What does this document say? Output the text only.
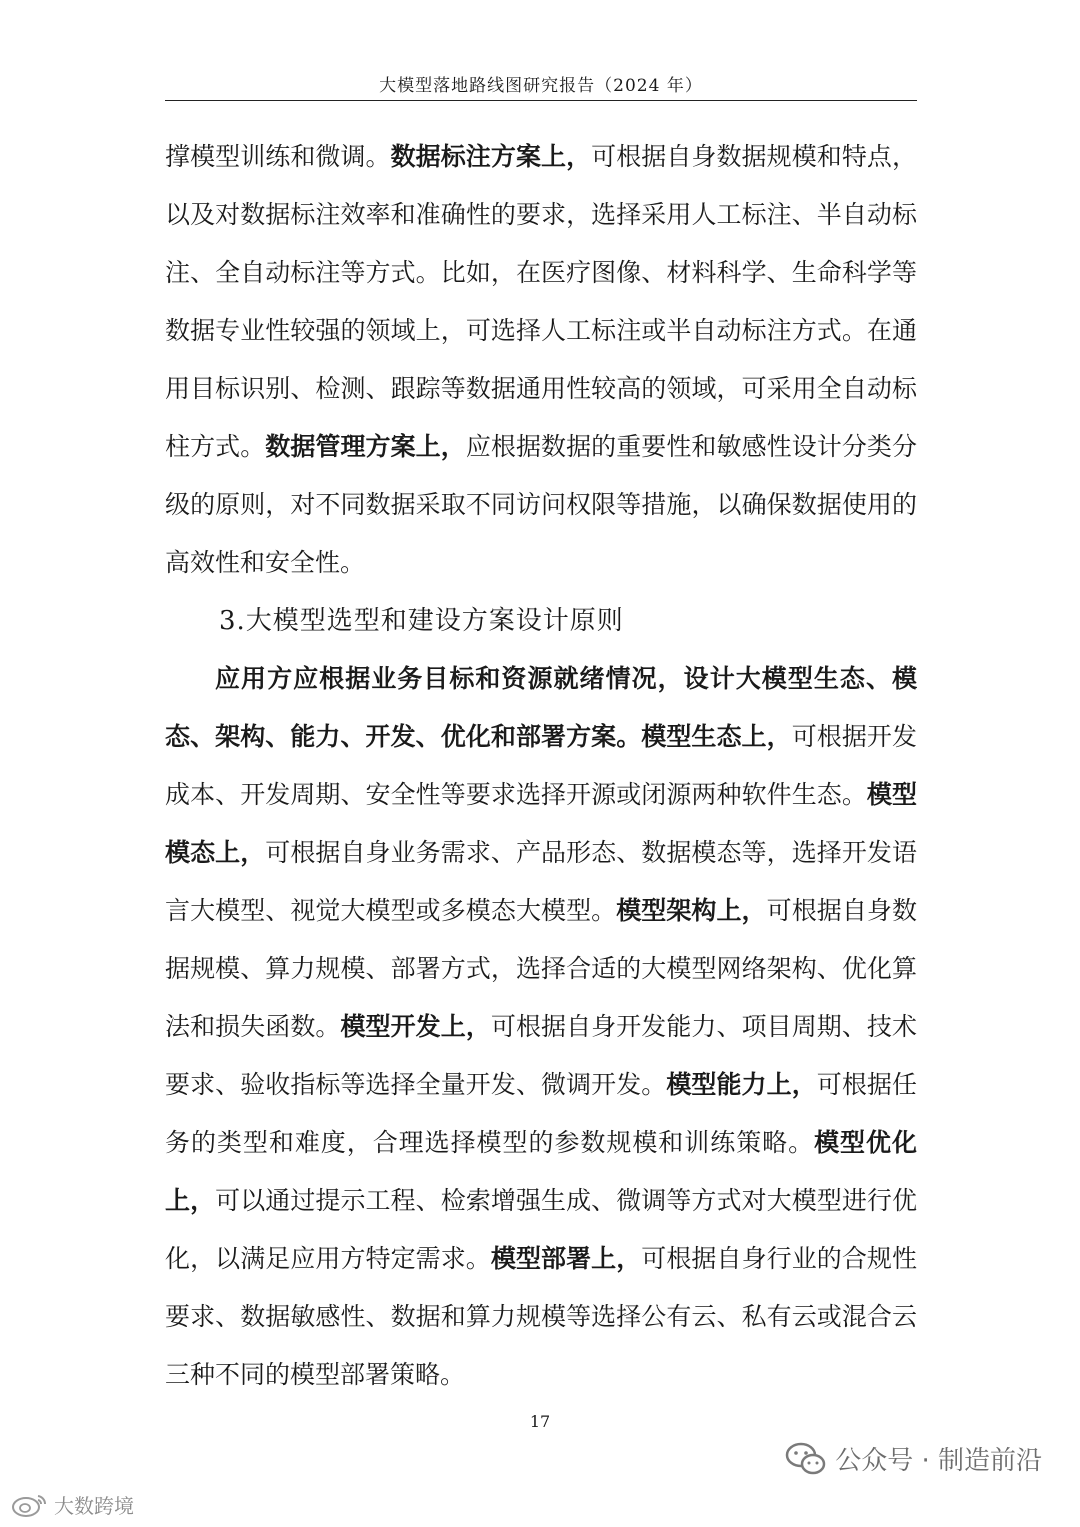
大模型落地路线图研究报告（2024 年）

撑模型训练和微调。数据标注方案上，可根据自身数据规模和特点，以及对数据标注效率和准确性的要求，选择采用人工标注、半自动标注、全自动标注等方式。比如，在医疗图像、材料科学、生命科学等数据专业性较强的领域上，可选择人工标注或半自动标注方式。在通用目标识别、检测、跟踪等数据通用性较高的领域，可采用全自动标柱方式。数据管理方案上，应根据数据的重要性和敏感性设计分类分级的原则，对不同数据采取不同访问权限等措施，以确保数据使用的高效性和安全性。

3.大模型选型和建设方案设计原则

应用方应根据业务目标和资源就绪情况，设计大模型生态、模态、架构、能力、开发、优化和部署方案。模型生态上，可根据开发成本、开发周期、安全性等要求选择开源或闭源两种软件生态。模型模态上，可根据自身业务需求、产品形态、数据模态等，选择开发语言大模型、视觉大模型或多模态大模型。模型架构上，可根据自身数据规模、算力规模、部署方式，选择合适的大模型网络架构、优化算法和损失函数。模型开发上，可根据自身开发能力、项目周期、技术要求、验收指标等选择全量开发、微调开发。模型能力上，可根据任务的类型和难度，合理选择模型的参数规模和训练策略。模型优化上，可以通过提示工程、检索增强生成、微调等方式对大模型进行优化，以满足应用方特定需求。模型部署上，可根据自身行业的合规性要求、数据敏感性、数据和算力规模等选择公有云、私有云或混合云三种不同的模型部署策略。

17
大数跨境
公众号 · 制造前沿
